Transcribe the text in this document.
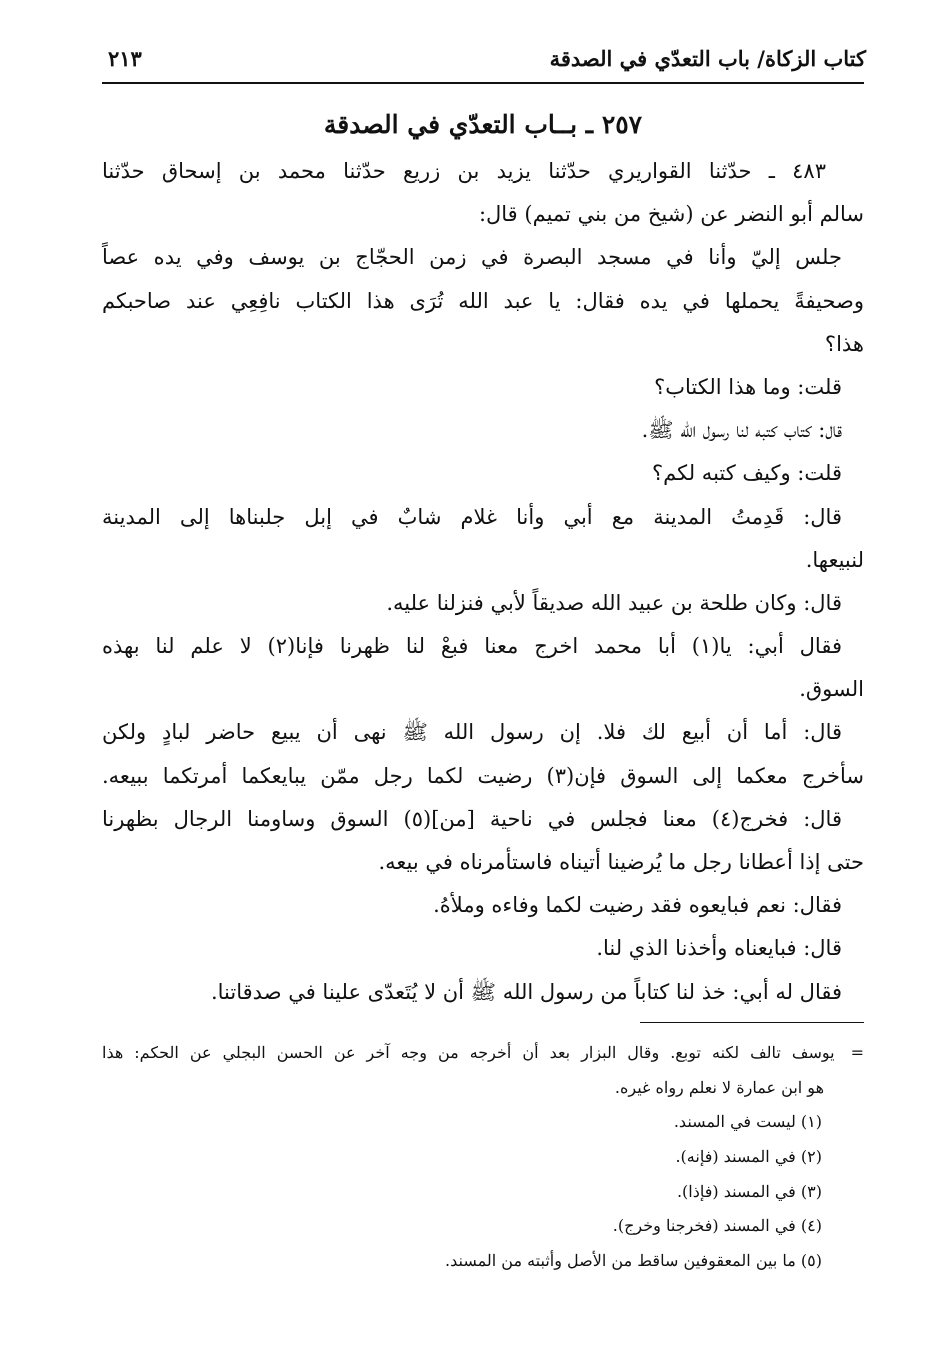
كتاب الزكاة/ باب التعدّي في الصدقة
٢١٣
٢٥٧ ـ بــاب التعدّي في الصدقة
٤٨٣ ـ حدّثنا القواريري حدّثنا يزيد بن زريع حدّثنا محمد بن إسحاق حدّثنا
سالم أبو النضر عن (شيخ من بني تميم) قال:
جلس إليّ وأنا في مسجد البصرة في زمن الحجّاج بن يوسف وفي يده عصاً
وصحيفةً يحملها في يده فقال: يا عبد الله تُرَى هذا الكتاب نافِعِي عند صاحبكم
هذا؟
قلت: وما هذا الكتاب؟
قال: كتاب كتبه لنا رسول الله ﷺ.
قلت: وكيف كتبه لكم؟
قال: قَدِمتُ المدينة مع أبي وأنا غلام شابٌ في إبل جلبناها إلى المدينة
لنبيعها.
قال: وكان طلحة بن عبيد الله صديقاً لأبي فنزلنا عليه.
فقال أبي: يا(١) أبا محمد اخرج معنا فبعْ لنا ظهرنا فإنا(٢) لا علم لنا بهذه
السوق.
قال: أما أن أبيع لك فلا. إن رسول الله ﷺ نهى أن يبيع حاضر لبادٍ ولكن
سأخرج معكما إلى السوق فإن(٣) رضيت لكما رجل ممّن يبايعكما أمرتكما ببيعه.
قال: فخرج(٤) معنا فجلس في ناحية [من](٥) السوق وساومنا الرجال بظهرنا
حتى إذا أعطانا رجل ما يُرضينا أتيناه فاستأمرناه في بيعه.
فقال: نعم فبايعوه فقد رضيت لكما وفاءه وملأهُ.
قال: فبايعناه وأخذنا الذي لنا.
فقال له أبي: خذ لنا كتاباً من رسول الله ﷺ أن لا يُتَعدّى علينا في صدقاتنا.
=يوسف تالف لكنه توبع. وقال البزار بعد أن أخرجه من وجه آخر عن الحسن البجلي عن الحكم: هذا
هو ابن عمارة لا نعلم رواه غيره.
(١) ليست في المسند.
(٢) في المسند (فإنه).
(٣) في المسند (فإذا).
(٤) في المسند (فخرجنا وخرج).
(٥) ما بين المعقوفين ساقط من الأصل وأثبته من المسند.
